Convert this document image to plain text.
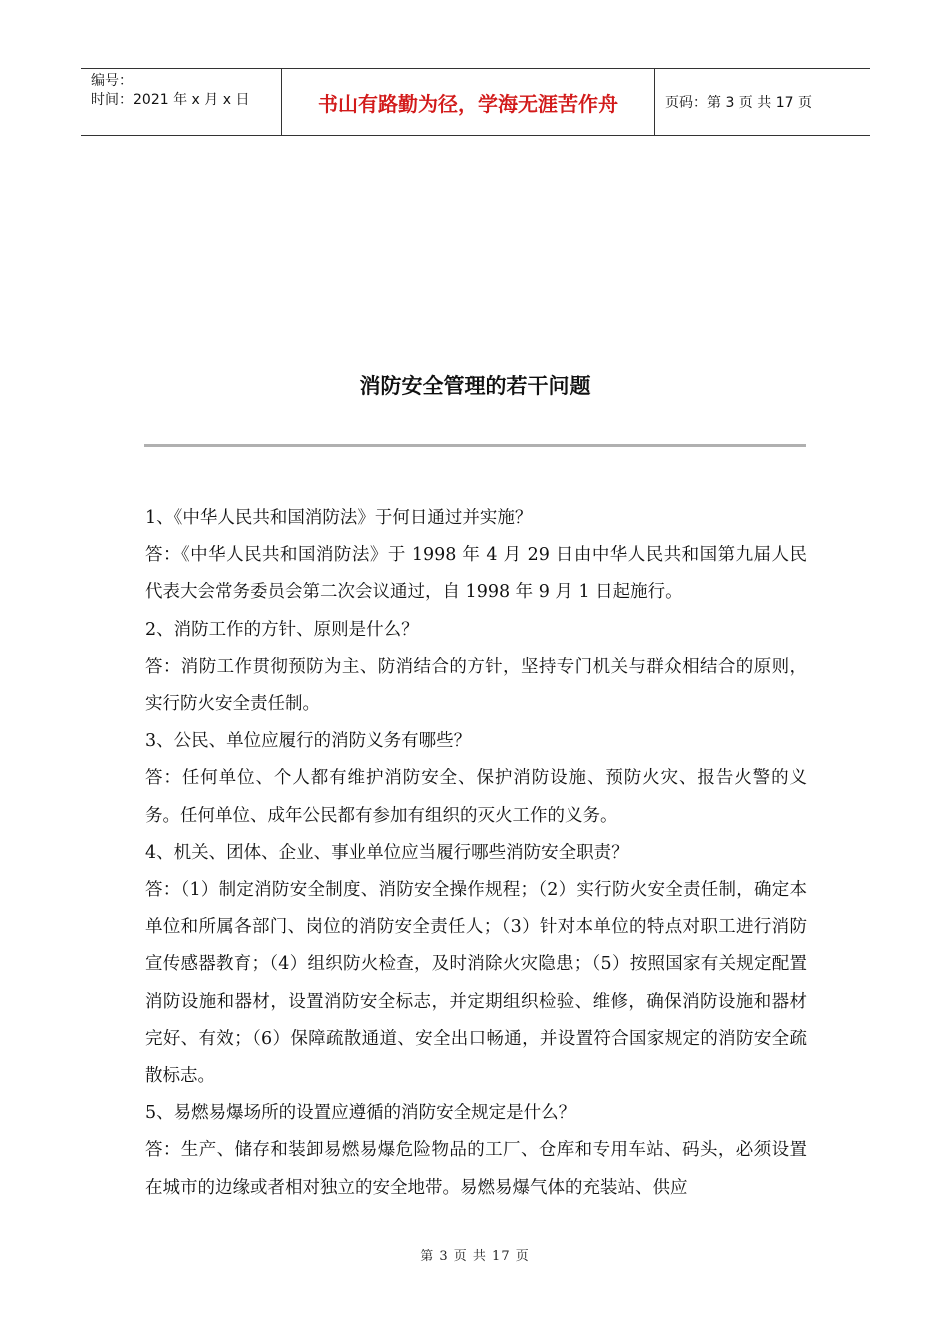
编号：
时间：2021 年 x 月 x 日	书山有路勤为径，学海无涯苦作舟	页码：第 3 页 共 17 页
消防安全管理的若干问题

1、《中华人民共和国消防法》于何日通过并实施？

答：《中华人民共和国消防法》于 1998 年 4 月 29 日由中华人民共和国第九届人民代表大会常务委员会第二次会议通过，自 1998 年 9 月 1 日起施行。

2、消防工作的方针、原则是什么？

答：消防工作贯彻预防为主、防消结合的方针，坚持专门机关与群众相结合的原则，实行防火安全责任制。

3、公民、单位应履行的消防义务有哪些？

答：任何单位、个人都有维护消防安全、保护消防设施、预防火灾、报告火警的义务。任何单位、成年公民都有参加有组织的灭火工作的义务。

4、机关、团体、企业、事业单位应当履行哪些消防安全职责？

答：（1）制定消防安全制度、消防安全操作规程；（2）实行防火安全责任制，确定本单位和所属各部门、岗位的消防安全责任人；（3）针对本单位的特点对职工进行消防宣传感器教育；（4）组织防火检查，及时消除火灾隐患；（5）按照国家有关规定配置消防设施和器材，设置消防安全标志，并定期组织检验、维修，确保消防设施和器材完好、有效；（6）保障疏散通道、安全出口畅通，并设置符合国家规定的消防安全疏散标志。

5、易燃易爆场所的设置应遵循的消防安全规定是什么？

答：生产、储存和装卸易燃易爆危险物品的工厂、仓库和专用车站、码头，必须设置在城市的边缘或者相对独立的安全地带。易燃易爆气体的充装站、供应

第 3 页 共 17 页
